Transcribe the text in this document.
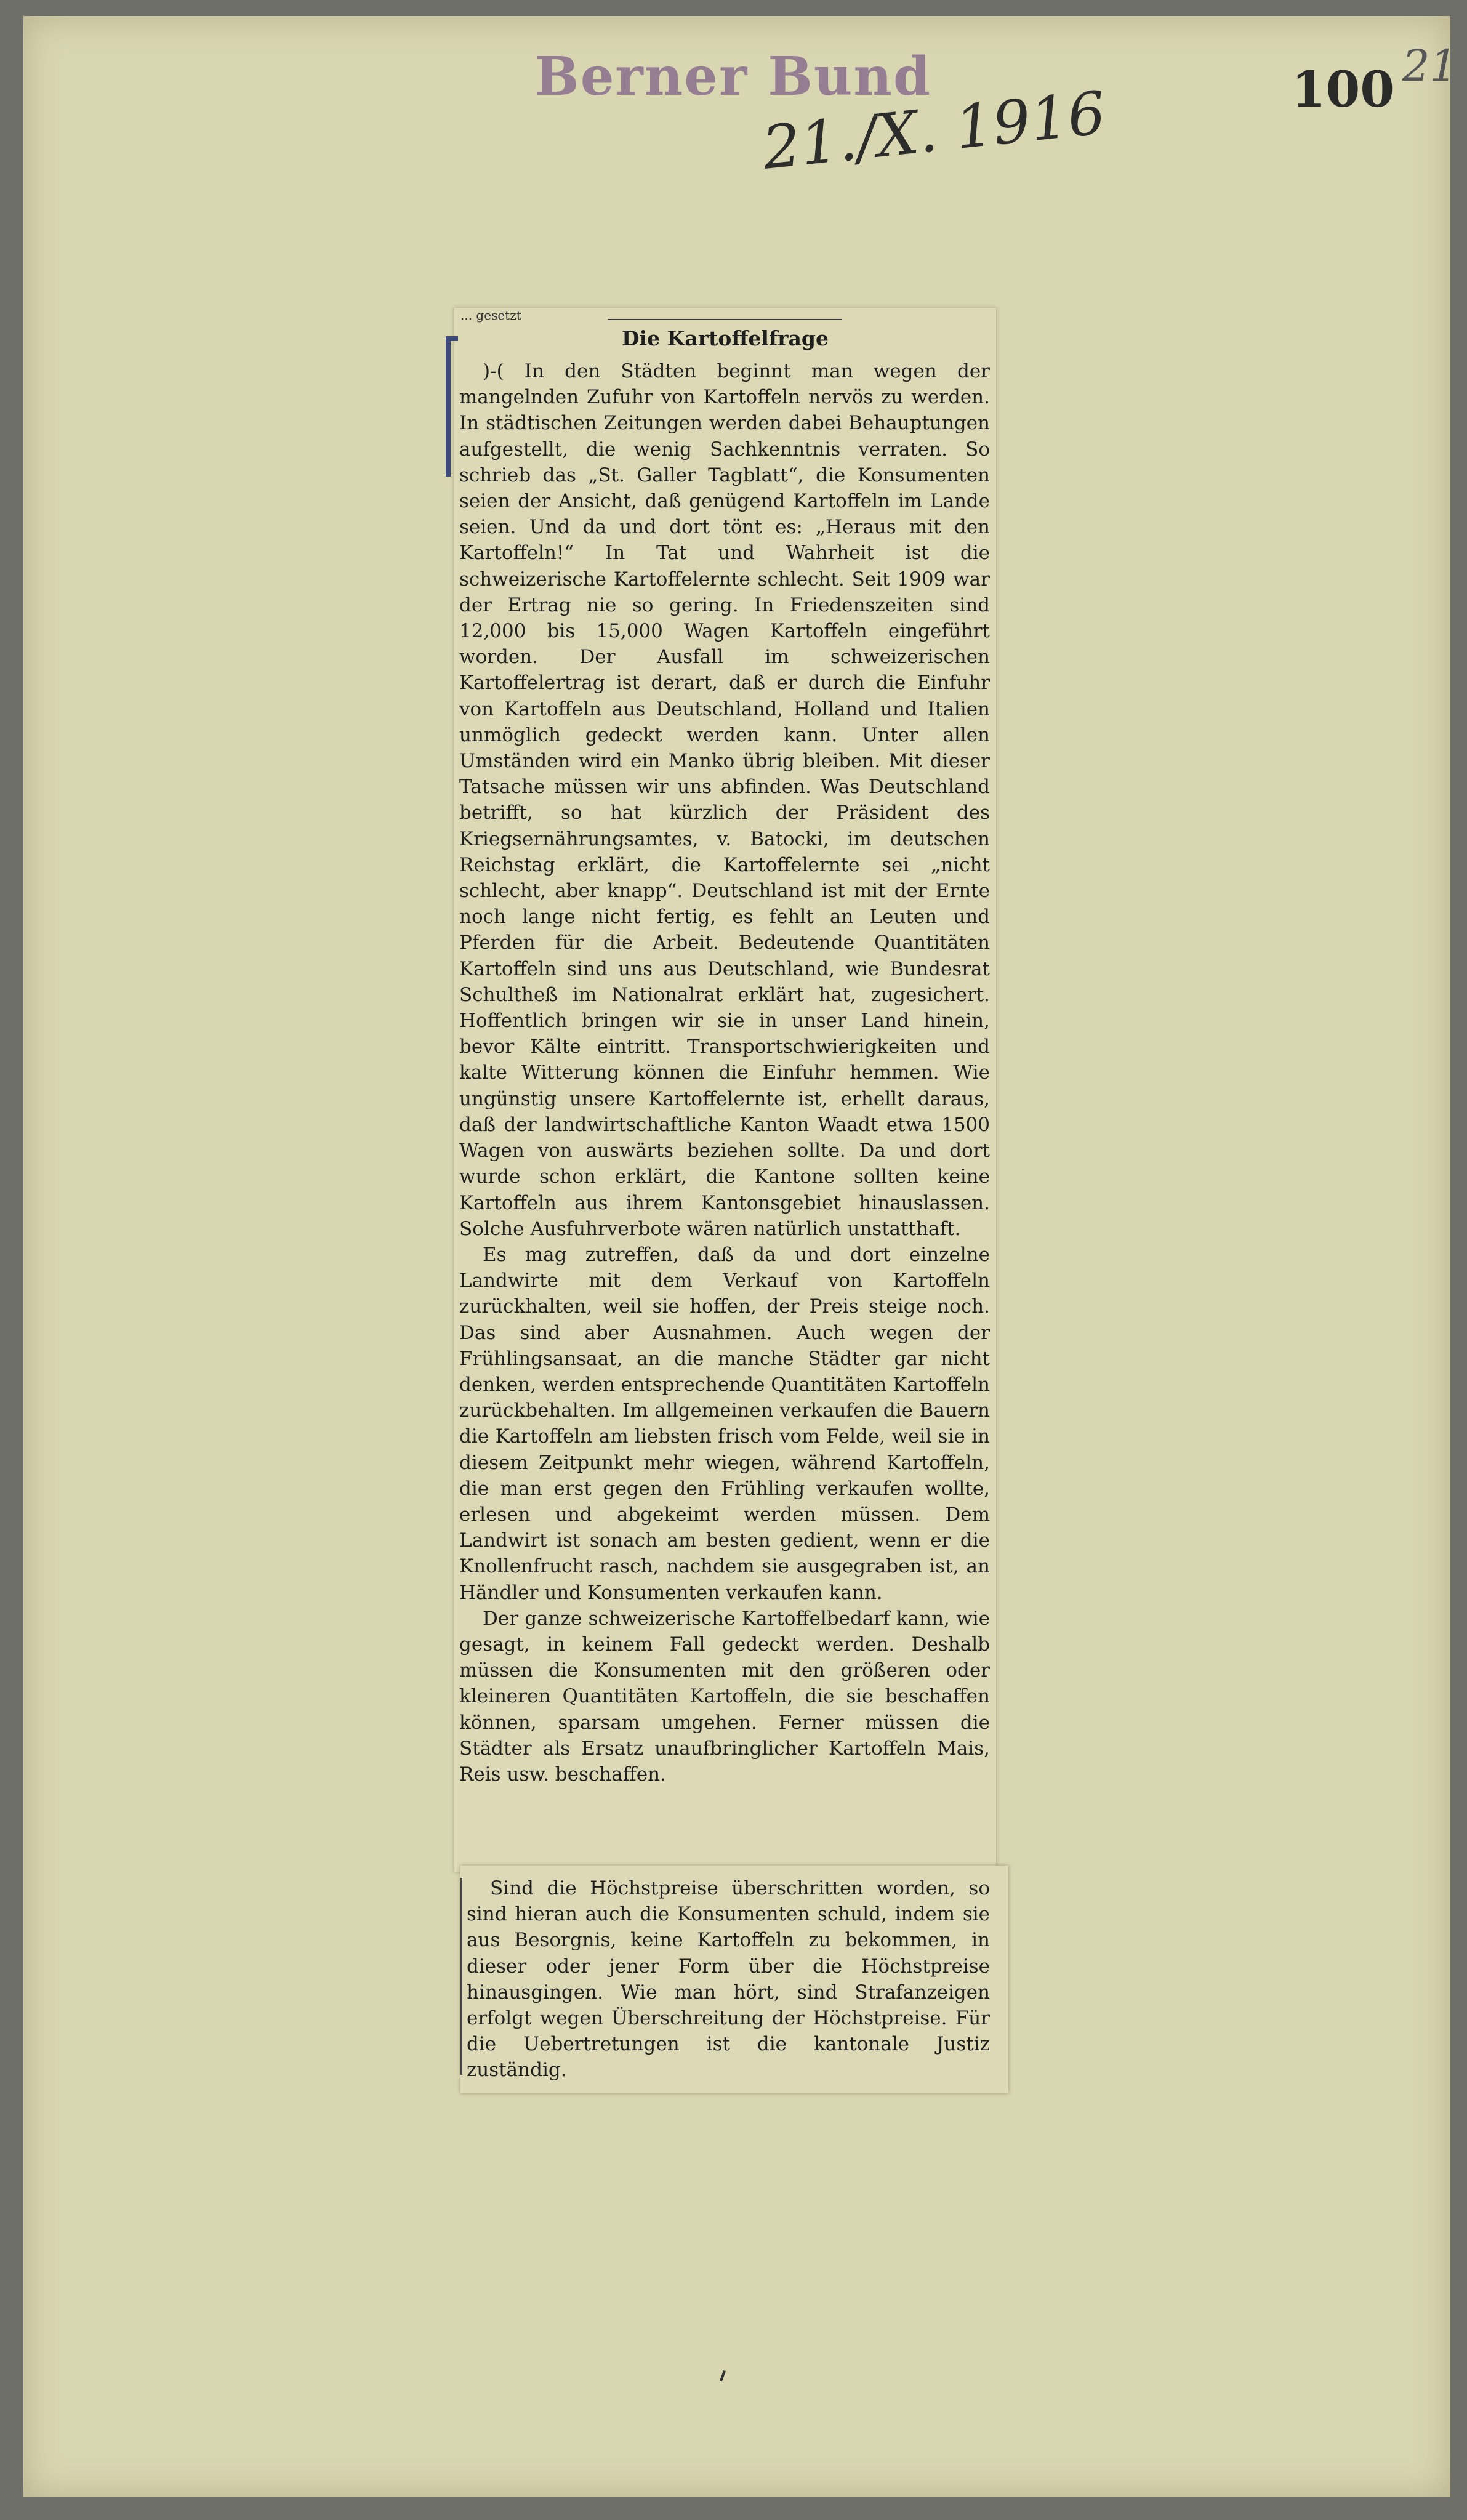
Berner Bund
21./X. 1916	100 21
... gesetzt
Die Kartoffelfrage

)-( In den Städten beginnt man wegen der mangelnden Zufuhr von Kartoffeln nervös zu werden. In städtischen Zeitungen werden dabei Behauptungen aufgestellt, die wenig Sachkenntnis verraten. So schrieb das „St. Galler Tagblatt“, die Konsumenten seien der Ansicht, daß genügend Kartoffeln im Lande seien. Und da und dort tönt es: „Heraus mit den Kartoffeln!“ In Tat und Wahrheit ist die schweizerische Kartoffelernte schlecht. Seit 1909 war der Ertrag nie so gering. In Friedenszeiten sind 12,000 bis 15,000 Wagen Kartoffeln eingeführt worden. Der Ausfall im schweizerischen Kartoffelertrag ist derart, daß er durch die Einfuhr von Kartoffeln aus Deutschland, Holland und Italien unmöglich gedeckt werden kann. Unter allen Umständen wird ein Manko übrig bleiben. Mit dieser Tatsache müssen wir uns abfinden. Was Deutschland betrifft, so hat kürzlich der Präsident des Kriegsernährungsamtes, v. Batocki, im deutschen Reichstag erklärt, die Kartoffelernte sei „nicht schlecht, aber knapp“. Deutschland ist mit der Ernte noch lange nicht fertig, es fehlt an Leuten und Pferden für die Arbeit. Bedeutende Quantitäten Kartoffeln sind uns aus Deutschland, wie Bundesrat Schultheß im Nationalrat erklärt hat, zugesichert. Hoffentlich bringen wir sie in unser Land hinein, bevor Kälte eintritt. Transportschwierigkeiten und kalte Witterung können die Einfuhr hemmen. Wie ungünstig unsere Kartoffelernte ist, erhellt daraus, daß der landwirtschaftliche Kanton Waadt etwa 1500 Wagen von auswärts beziehen sollte. Da und dort wurde schon erklärt, die Kantone sollten keine Kartoffeln aus ihrem Kantonsgebiet hinauslassen. Solche Ausfuhrverbote wären natürlich unstatthaft.

Es mag zutreffen, daß da und dort einzelne Landwirte mit dem Verkauf von Kartoffeln zurückhalten, weil sie hoffen, der Preis steige noch. Das sind aber Ausnahmen. Auch wegen der Frühlingsansaat, an die manche Städter gar nicht denken, werden entsprechende Quantitäten Kartoffeln zurückbehalten. Im allgemeinen verkaufen die Bauern die Kartoffeln am liebsten frisch vom Felde, weil sie in diesem Zeitpunkt mehr wiegen, während Kartoffeln, die man erst gegen den Frühling verkaufen wollte, erlesen und abgekeimt werden müssen. Dem Landwirt ist sonach am besten gedient, wenn er die Knollenfrucht rasch, nachdem sie ausgegraben ist, an Händler und Konsumenten verkaufen kann.

Der ganze schweizerische Kartoffelbedarf kann, wie gesagt, in keinem Fall gedeckt werden. Deshalb müssen die Konsumenten mit den größeren oder kleineren Quantitäten Kartoffeln, die sie beschaffen können, sparsam umgehen. Ferner müssen die Städter als Ersatz unaufbringlicher Kartoffeln Mais, Reis usw. beschaffen.

Sind die Höchstpreise überschritten worden, so sind hieran auch die Konsumenten schuld, indem sie aus Besorgnis, keine Kartoffeln zu bekommen, in dieser oder jener Form über die Höchstpreise hinausgingen. Wie man hört, sind Strafanzeigen erfolgt wegen Überschreitung der Höchstpreise. Für die Uebertretungen ist die kantonale Justiz zuständig.
